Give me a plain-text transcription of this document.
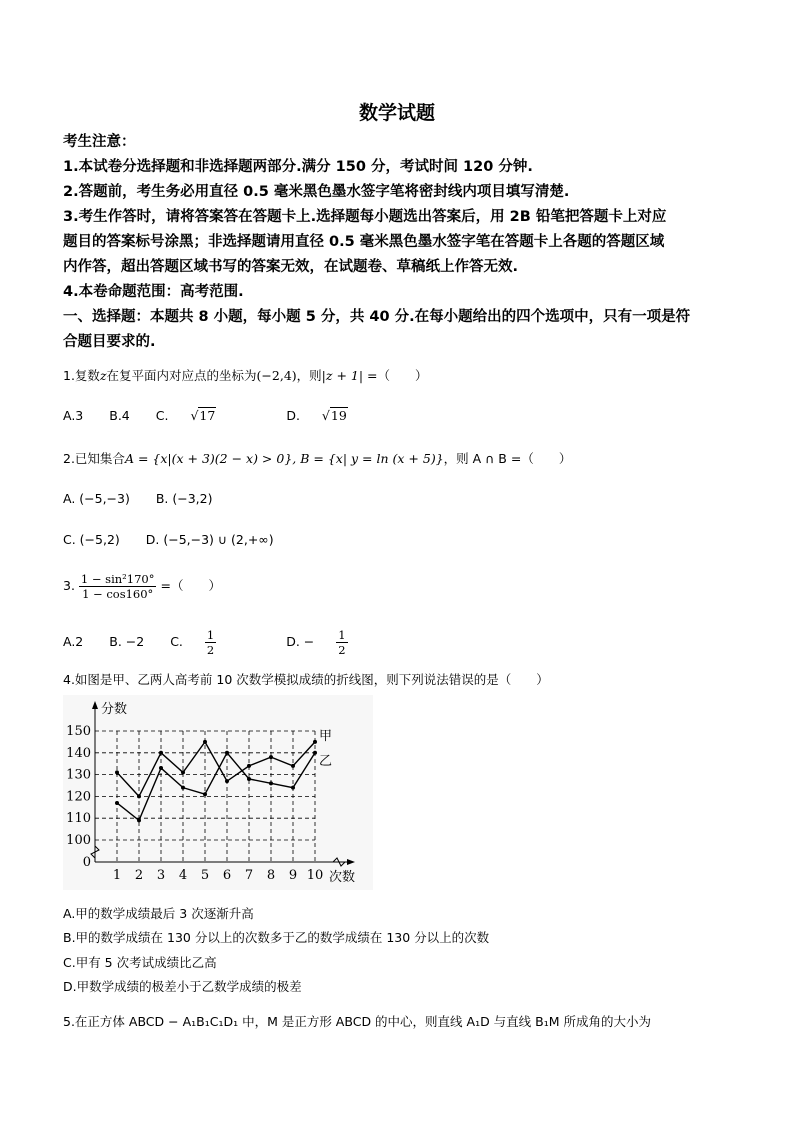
数学试题
考生注意：
1.本试卷分选择题和非选择题两部分.满分 150 分，考试时间 120 分钟.
2.答题前，考生务必用直径 0.5 毫米黑色墨水签字笔将密封线内项目填写清楚.
3.考生作答时，请将答案答在答题卡上.选择题每小题选出答案后，用 2B 铅笔把答题卡上对应
题目的答案标号涂黑；非选择题请用直径 0.5 毫米黑色墨水签字笔在答题卡上各题的答题区域
内作答，超出答题区域书写的答案无效，在试题卷、草稿纸上作答无效.
4.本卷命题范围：高考范围.
一、选择题：本题共 8 小题，每小题 5 分，共 40 分.在每小题给出的四个选项中，只有一项是符
合题目要求的.
1.复数z在复平面内对应点的坐标为(−2,4)，则|z + 1| =（　　）
A.3 B.4 C. √17	D. √19
2.已知集合A = {x|(x + 3)(2 − x) > 0}, B = {x| y = ln (x + 5)}，则 A ∩ B =（　　）
A. (−5,−3) B. (−3,2)
C. (−5,2) D. (−5,−3) ∪ (2,+∞)
3. $\frac{\text{1 − sin²170°}}{1 - \cos 160^\circ}$ =（　　）
A.2 B. −2 C. $\frac{1}{2}$	D. − $\frac{1}{2}$
4.如图是甲、乙两人高考前 10 次数学模拟成绩的折线图，则下列说法错误的是（　　）
0
100
110
120
130
140
150
1 2 3 4 5 6 7 8 9 10
分数
次数
甲
乙
A.甲的数学成绩最后 3 次逐渐升高
B.甲的数学成绩在 130 分以上的次数多于乙的数学成绩在 130 分以上的次数
C.甲有 5 次考试成绩比乙高
D.甲数学成绩的极差小于乙数学成绩的极差
5.在正方体 ABCD − A₁B₁C₁D₁ 中，M 是正方形 ABCD 的中心，则直线 A₁D 与直线 B₁M 所成角的大小为
